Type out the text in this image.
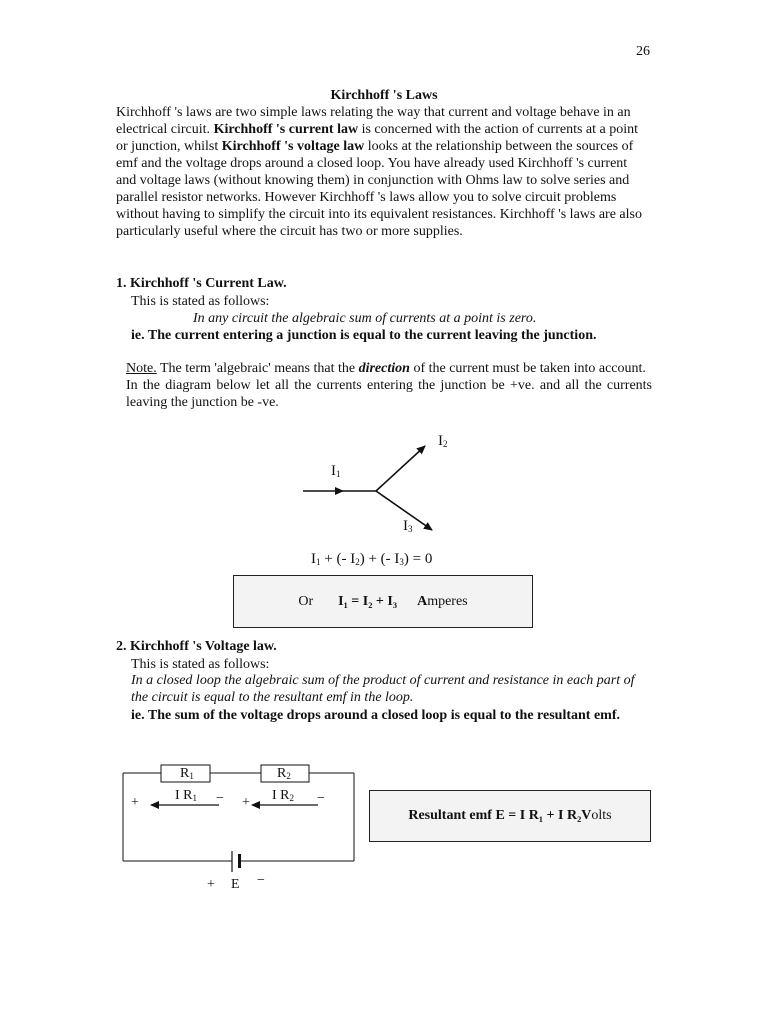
26
Kirchhoff 's Laws
Kirchhoff 's laws are two simple laws relating the way that current and voltage behave in an electrical circuit. Kirchhoff 's current law is concerned with the action of currents at a point or junction, whilst Kirchhoff 's voltage law looks at the relationship between the sources of emf and the voltage drops around a closed loop. You have already used Kirchhoff 's current and voltage laws (without knowing them) in conjunction with Ohms law to solve series and parallel resistor networks. However Kirchhoff 's laws allow you to solve circuit problems without having to simplify the circuit into its equivalent resistances. Kirchhoff 's laws are also particularly useful where the circuit has two or more supplies.
1. Kirchhoff 's Current Law.
This is stated as follows:
In any circuit the algebraic sum of currents at a point is zero.
ie. The current entering a junction is equal to the current leaving the junction.
Note. The term 'algebraic' means that the direction of the current must be taken into account.
In the diagram below let all the currents entering the junction be +ve. and all the currents leaving the junction be -ve.
$I_2$
$I_1$
$I_3$
$I_1$ + (- $I_2$) + (- $I_3) = 0$
Or I₁ = I₂ + I₃ Amperes
2. Kirchhoff 's Voltage law.
This is stated as follows:
In a closed loop the algebraic sum of the product of current and resistance in each part of the circuit is equal to the resultant emf in the loop.
ie. The sum of the voltage drops around a closed loop is equal to the resultant emf.
$R_1$	$R_2$
I $R_1$	I $R_2$
+	− +	−
+ E −
Resultant emf E = I R₁ + I R₂ Volts
